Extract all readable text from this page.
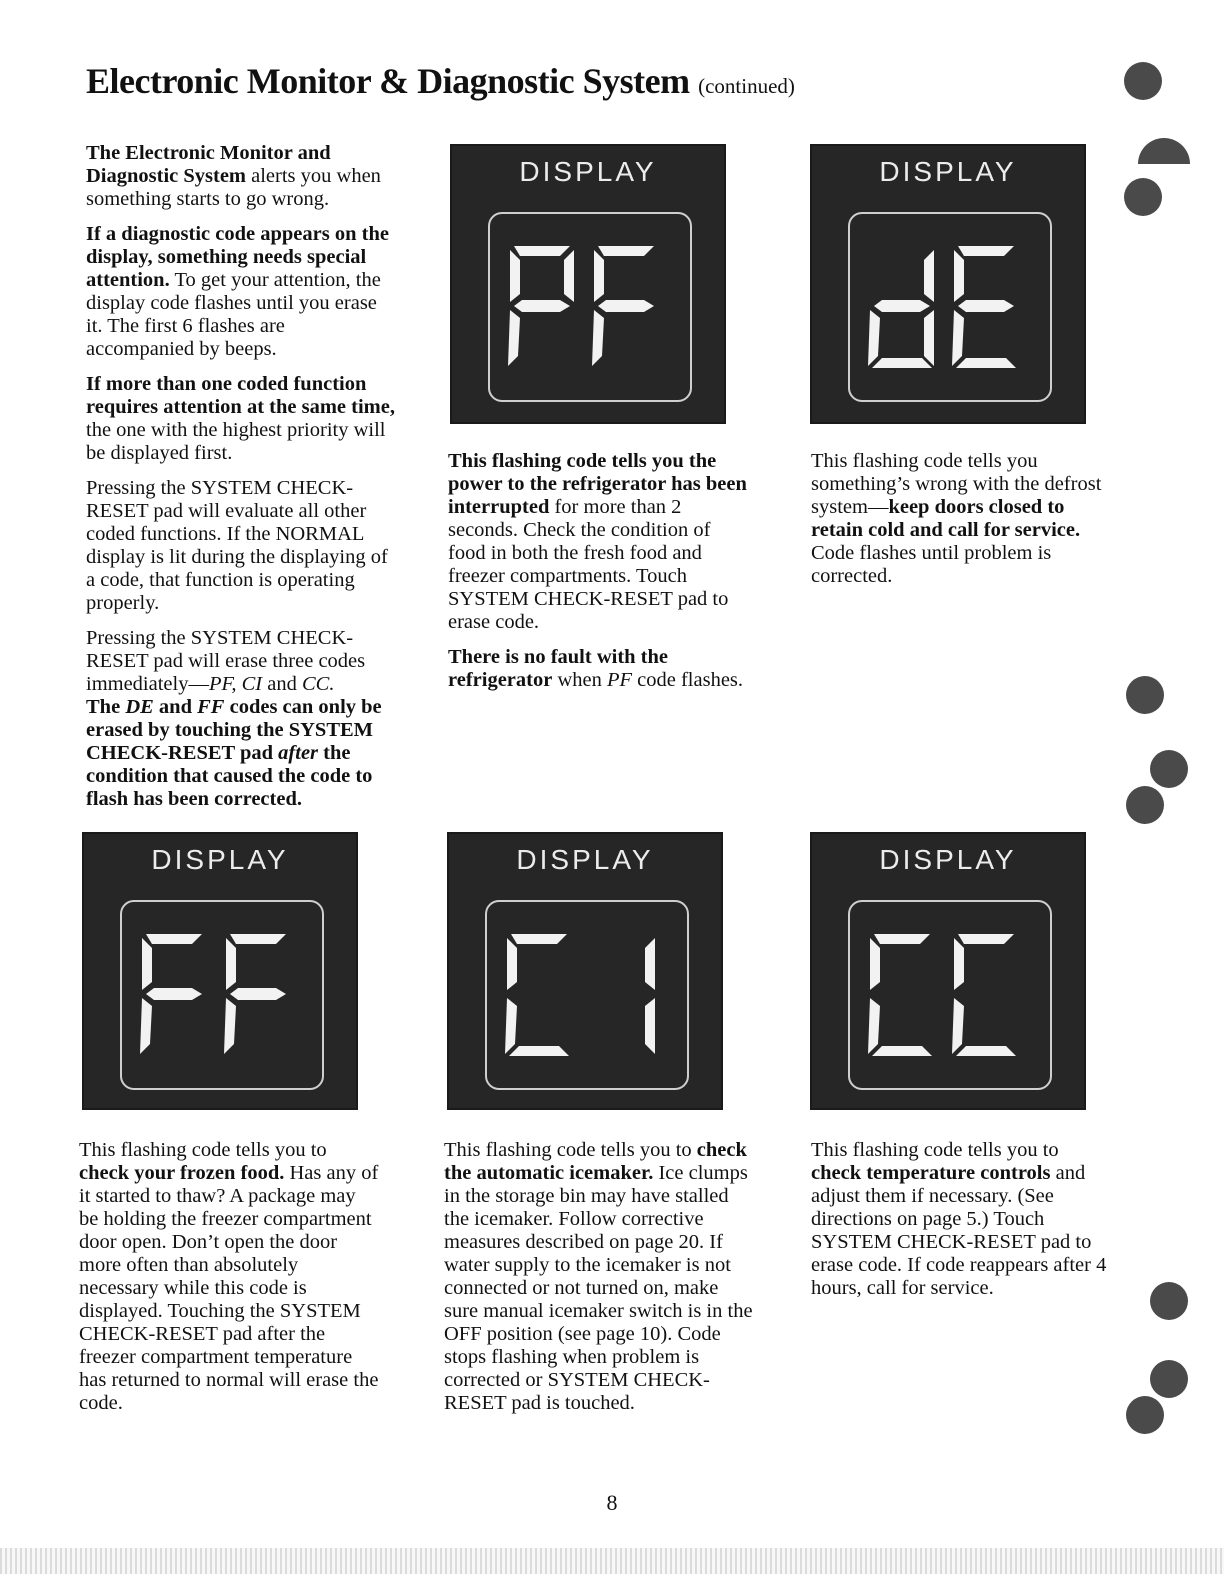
Electronic Monitor & Diagnostic System (continued)

The Electronic Monitor and Diagnostic System alerts you when something starts to go wrong.

If a diagnostic code appears on the display, something needs special attention. To get your attention, the display code flashes until you erase it. The first 6 flashes are accompanied by beeps.

If more than one coded function requires attention at the same time, the one with the highest priority will be displayed first.

Pressing the SYSTEM CHECK-RESET pad will evaluate all other coded functions. If the NORMAL display is lit during the displaying of a code, that function is operating properly.

Pressing the SYSTEM CHECK-RESET pad will erase three codes immediately—PF, CI and CC.
The DE and FF codes can only be erased by touching the SYSTEM CHECK-RESET pad after the condition that caused the code to flash has been corrected.

DISPLAY	DISPLAY
DISPLAY	DISPLAY	DISPLAY

This flashing code tells you the power to the refrigerator has been interrupted for more than 2 seconds. Check the condition of food in both the fresh food and freezer compartments. Touch SYSTEM CHECK-RESET pad to erase code.

There is no fault with the refrigerator when PF code flashes.

This flashing code tells you something’s wrong with the defrost system—keep doors closed to retain cold and call for service. Code flashes until problem is corrected.

This flashing code tells you to check your frozen food. Has any of it started to thaw? A package may be holding the freezer compartment door open. Don’t open the door more often than absolutely necessary while this code is displayed. Touching the SYSTEM CHECK-RESET pad after the freezer compartment temperature has returned to normal will erase the code.

This flashing code tells you to check the automatic icemaker. Ice clumps in the storage bin may have stalled the icemaker. Follow corrective measures described on page 20. If water supply to the icemaker is not connected or not turned on, make sure manual icemaker switch is in the OFF position (see page 10). Code stops flashing when problem is corrected or SYSTEM CHECK-RESET pad is touched.

This flashing code tells you to check temperature controls and adjust them if necessary. (See directions on page 5.) Touch SYSTEM CHECK-RESET pad to erase code. If code reappears after 4 hours, call for service.

8
